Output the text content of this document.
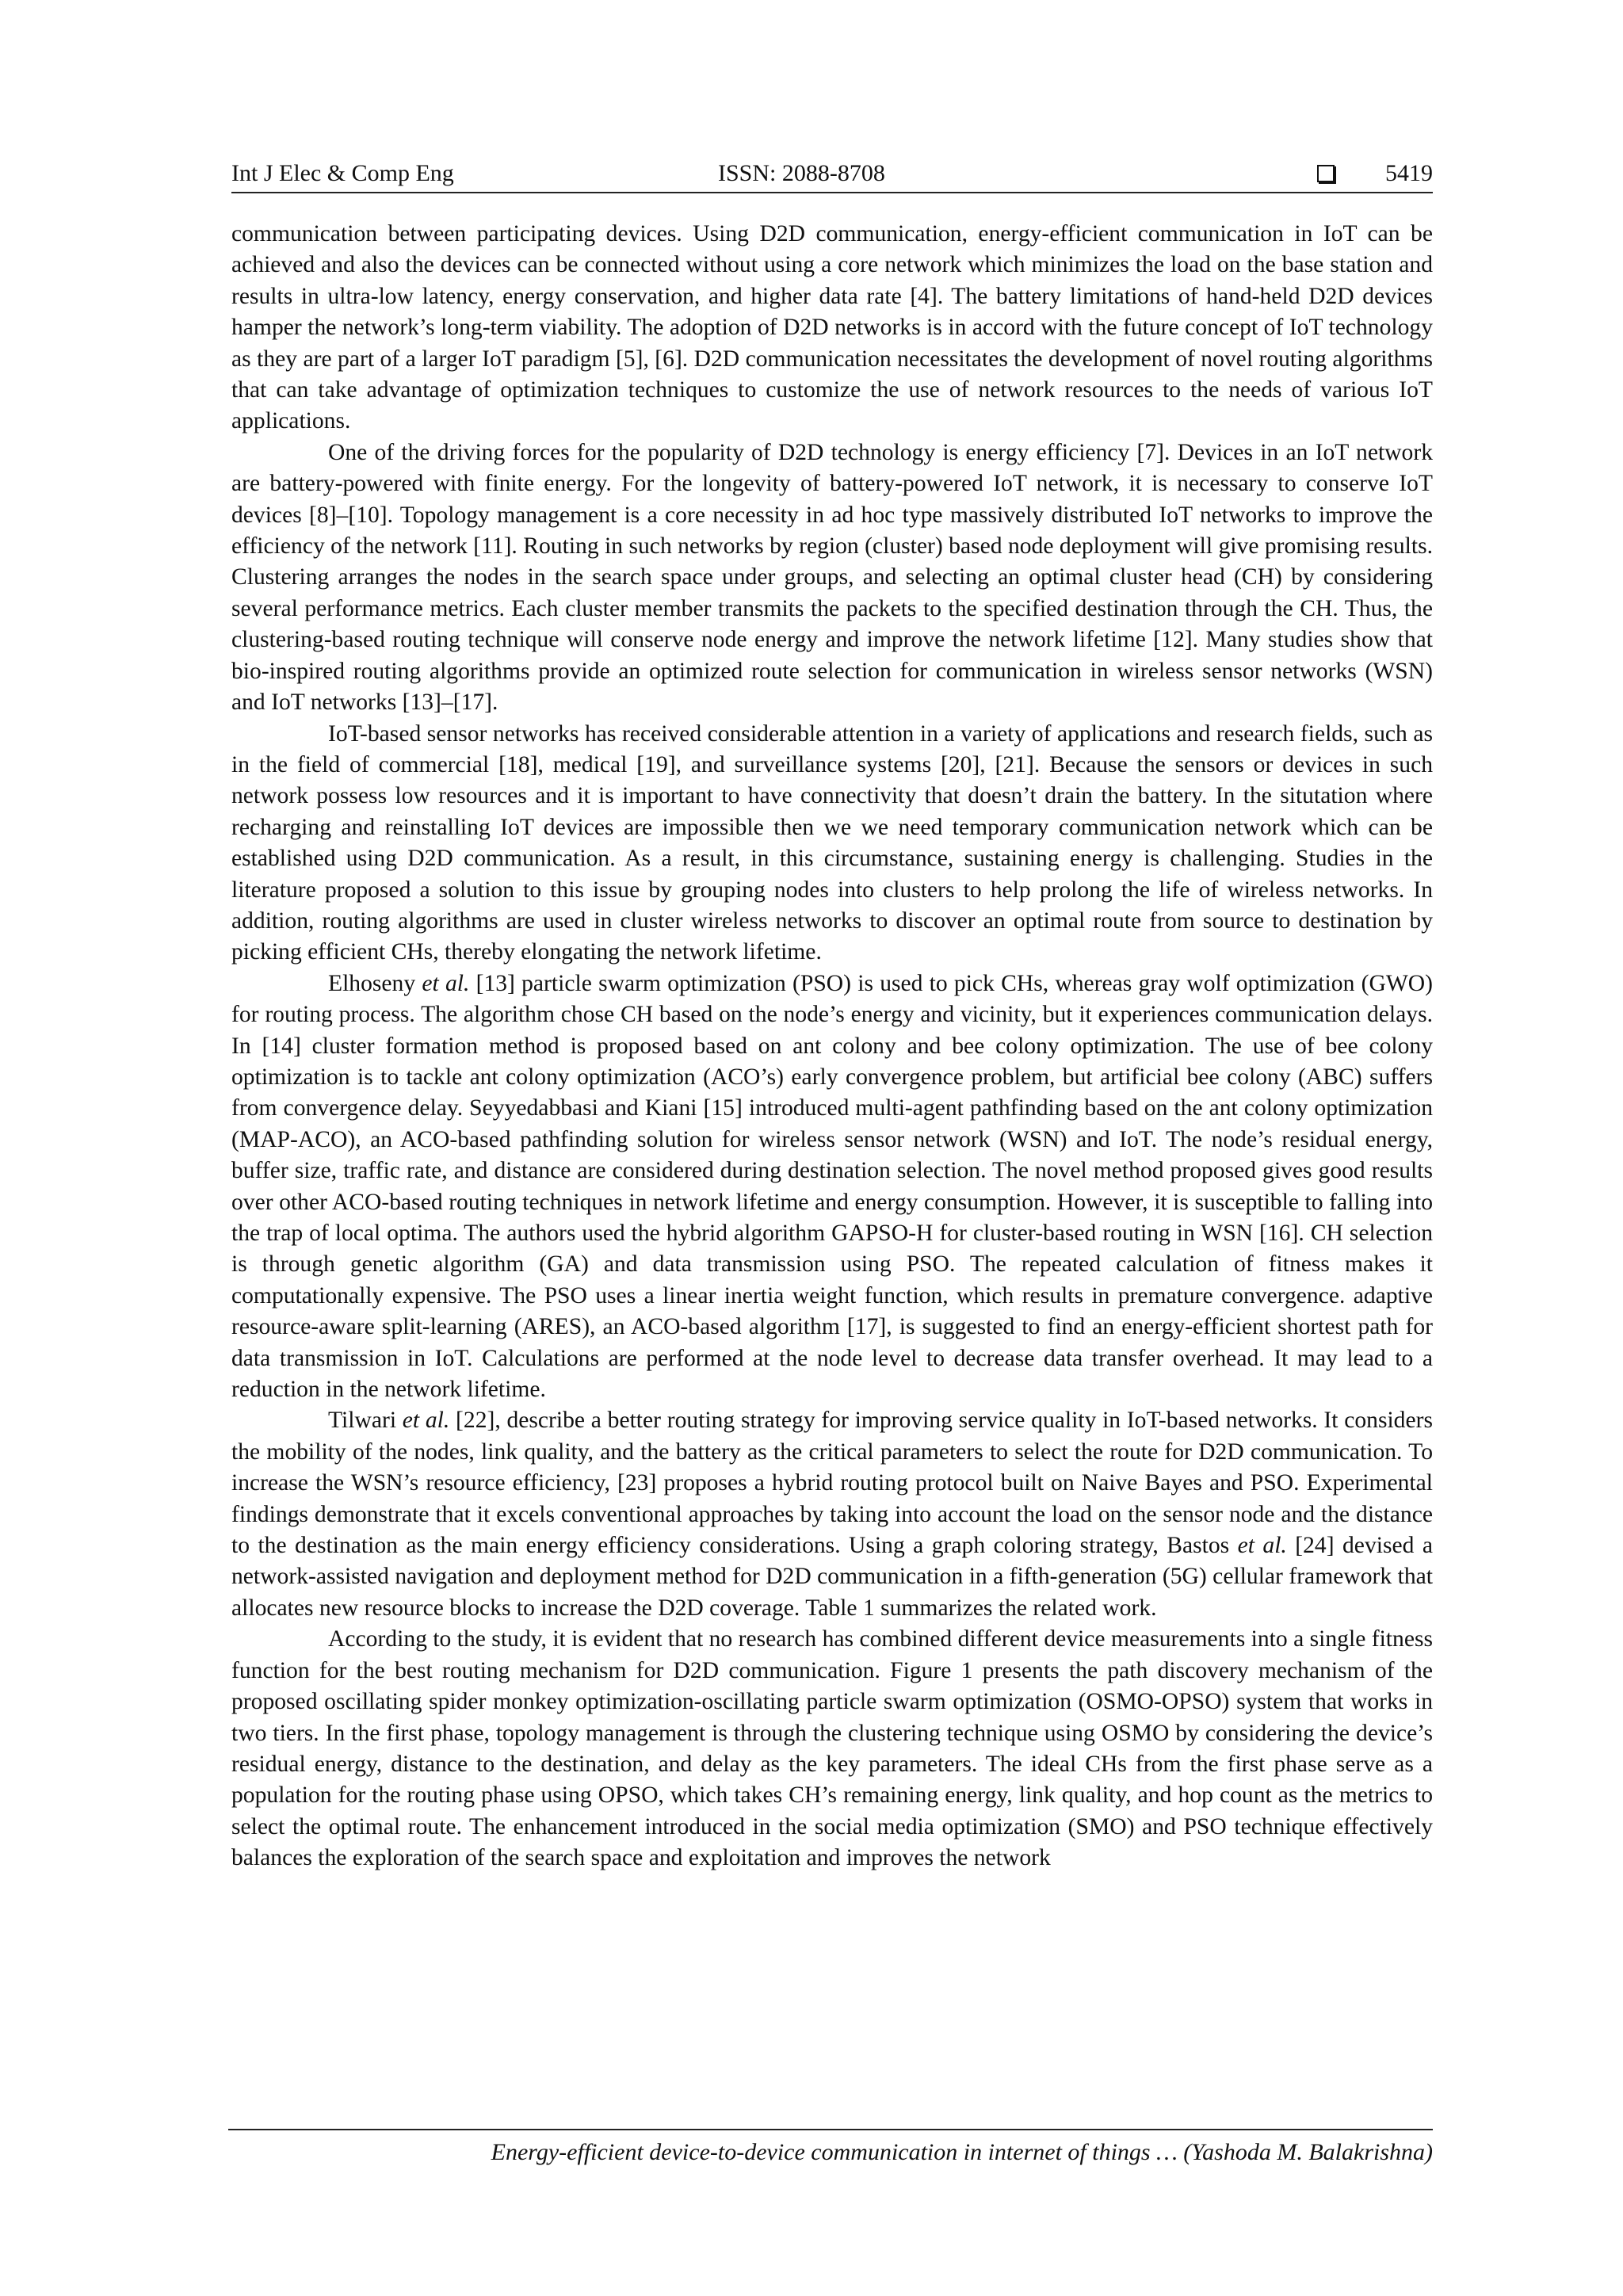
Int J Elec & Comp Eng	ISSN: 2088-8708	5419

communication between participating devices. Using D2D communication, energy-efficient communication in IoT can be achieved and also the devices can be connected without using a core network which minimizes the load on the base station and results in ultra-low latency, energy conservation, and higher data rate [4]. The battery limitations of hand-held D2D devices hamper the network’s long-term viability. The adoption of D2D networks is in accord with the future concept of IoT technology as they are part of a larger IoT paradigm [5], [6]. D2D communication necessitates the development of novel routing algorithms that can take advantage of optimization techniques to customize the use of network resources to the needs of various IoT applications.

One of the driving forces for the popularity of D2D technology is energy efficiency [7]. Devices in an IoT network are battery-powered with finite energy. For the longevity of battery-powered IoT network, it is necessary to conserve IoT devices [8]–[10]. Topology management is a core necessity in ad hoc type massively distributed IoT networks to improve the efficiency of the network [11]. Routing in such networks by region (cluster) based node deployment will give promising results. Clustering arranges the nodes in the search space under groups, and selecting an optimal cluster head (CH) by considering several performance metrics. Each cluster member transmits the packets to the specified destination through the CH. Thus, the clustering-based routing technique will conserve node energy and improve the network lifetime [12]. Many studies show that bio-inspired routing algorithms provide an optimized route selection for communication in wireless sensor networks (WSN) and IoT networks [13]–[17].

IoT-based sensor networks has received considerable attention in a variety of applications and research fields, such as in the field of commercial [18], medical [19], and surveillance systems [20], [21]. Because the sensors or devices in such network possess low resources and it is important to have connectivity that doesn’t drain the battery. In the situtation where recharging and reinstalling IoT devices are impossible then we we need temporary communication network which can be established using D2D communication. As a result, in this circumstance, sustaining energy is challenging. Studies in the literature proposed a solution to this issue by grouping nodes into clusters to help prolong the life of wireless networks. In addition, routing algorithms are used in cluster wireless networks to discover an optimal route from source to destination by picking efficient CHs, thereby elongating the network lifetime.

Elhoseny et al. [13] particle swarm optimization (PSO) is used to pick CHs, whereas gray wolf optimization (GWO) for routing process. The algorithm chose CH based on the node’s energy and vicinity, but it experiences communication delays. In [14] cluster formation method is proposed based on ant colony and bee colony optimization. The use of bee colony optimization is to tackle ant colony optimization (ACO’s) early convergence problem, but artificial bee colony (ABC) suffers from convergence delay. Seyyedabbasi and Kiani [15] introduced multi-agent pathfinding based on the ant colony optimization (MAP-ACO), an ACO-based pathfinding solution for wireless sensor network (WSN) and IoT. The node’s residual energy, buffer size, traffic rate, and distance are considered during destination selection. The novel method proposed gives good results over other ACO-based routing techniques in network lifetime and energy consumption. However, it is susceptible to falling into the trap of local optima. The authors used the hybrid algorithm GAPSO-H for cluster-based routing in WSN [16]. CH selection is through genetic algorithm (GA) and data transmission using PSO. The repeated calculation of fitness makes it computationally expensive. The PSO uses a linear inertia weight function, which results in premature convergence. adaptive resource-aware split-learning (ARES), an ACO-based algorithm [17], is suggested to find an energy-efficient shortest path for data transmission in IoT. Calculations are performed at the node level to decrease data transfer overhead. It may lead to a reduction in the network lifetime.

Tilwari et al. [22], describe a better routing strategy for improving service quality in IoT-based networks. It considers the mobility of the nodes, link quality, and the battery as the critical parameters to select the route for D2D communication. To increase the WSN’s resource efficiency, [23] proposes a hybrid routing protocol built on Naive Bayes and PSO. Experimental findings demonstrate that it excels conventional approaches by taking into account the load on the sensor node and the distance to the destination as the main energy efficiency considerations. Using a graph coloring strategy, Bastos et al. [24] devised a network-assisted navigation and deployment method for D2D communication in a fifth-generation (5G) cellular framework that allocates new resource blocks to increase the D2D coverage. Table 1 summarizes the related work.

According to the study, it is evident that no research has combined different device measurements into a single fitness function for the best routing mechanism for D2D communication. Figure 1 presents the path discovery mechanism of the proposed oscillating spider monkey optimization-oscillating particle swarm optimization (OSMO-OPSO) system that works in two tiers. In the first phase, topology management is through the clustering technique using OSMO by considering the device’s residual energy, distance to the destination, and delay as the key parameters. The ideal CHs from the first phase serve as a population for the routing phase using OPSO, which takes CH’s remaining energy, link quality, and hop count as the metrics to select the optimal route. The enhancement introduced in the social media optimization (SMO) and PSO technique effectively balances the exploration of the search space and exploitation and improves the network

Energy-efficient device-to-device communication in internet of things … (Yashoda M. Balakrishna)
